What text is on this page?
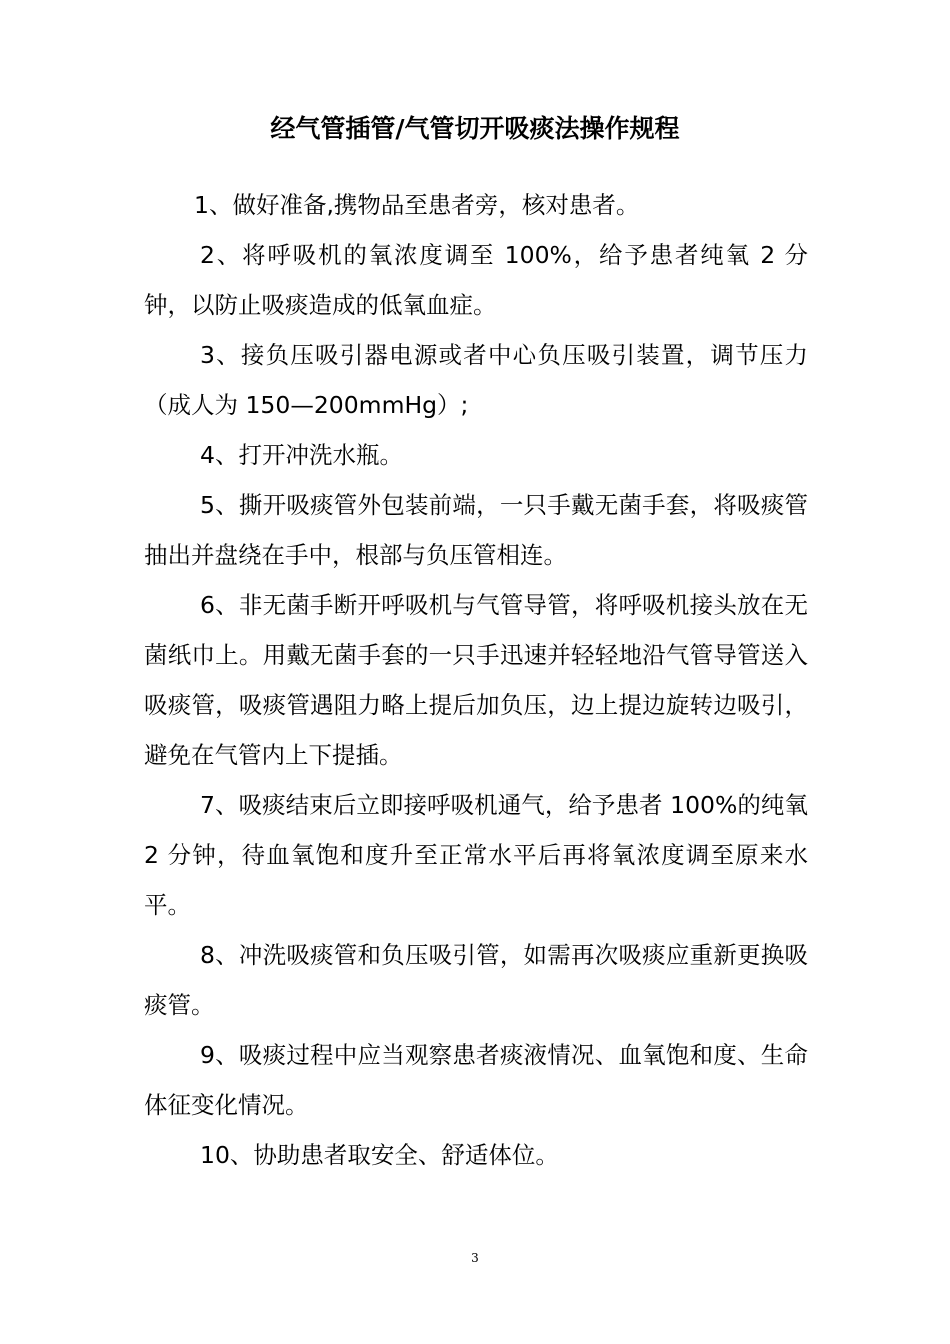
经气管插管/气管切开吸痰法操作规程

1、做好准备,携物品至患者旁，核对患者。

2、将呼吸机的氧浓度调至 100%，给予患者纯氧 2 分钟，以防止吸痰造成的低氧血症。

3、接负压吸引器电源或者中心负压吸引装置，调节压力（成人为 150—200mmHg）;

4、打开冲洗水瓶。

5、撕开吸痰管外包装前端，一只手戴无菌手套，将吸痰管抽出并盘绕在手中，根部与负压管相连。

6、非无菌手断开呼吸机与气管导管，将呼吸机接头放在无菌纸巾上。用戴无菌手套的一只手迅速并轻轻地沿气管导管送入吸痰管，吸痰管遇阻力略上提后加负压，边上提边旋转边吸引，避免在气管内上下提插。

7、吸痰结束后立即接呼吸机通气，给予患者 100%的纯氧 2 分钟，待血氧饱和度升至正常水平后再将氧浓度调至原来水平。

8、冲洗吸痰管和负压吸引管，如需再次吸痰应重新更换吸痰管。

9、吸痰过程中应当观察患者痰液情况、血氧饱和度、生命体征变化情况。

10、协助患者取安全、舒适体位。

3
